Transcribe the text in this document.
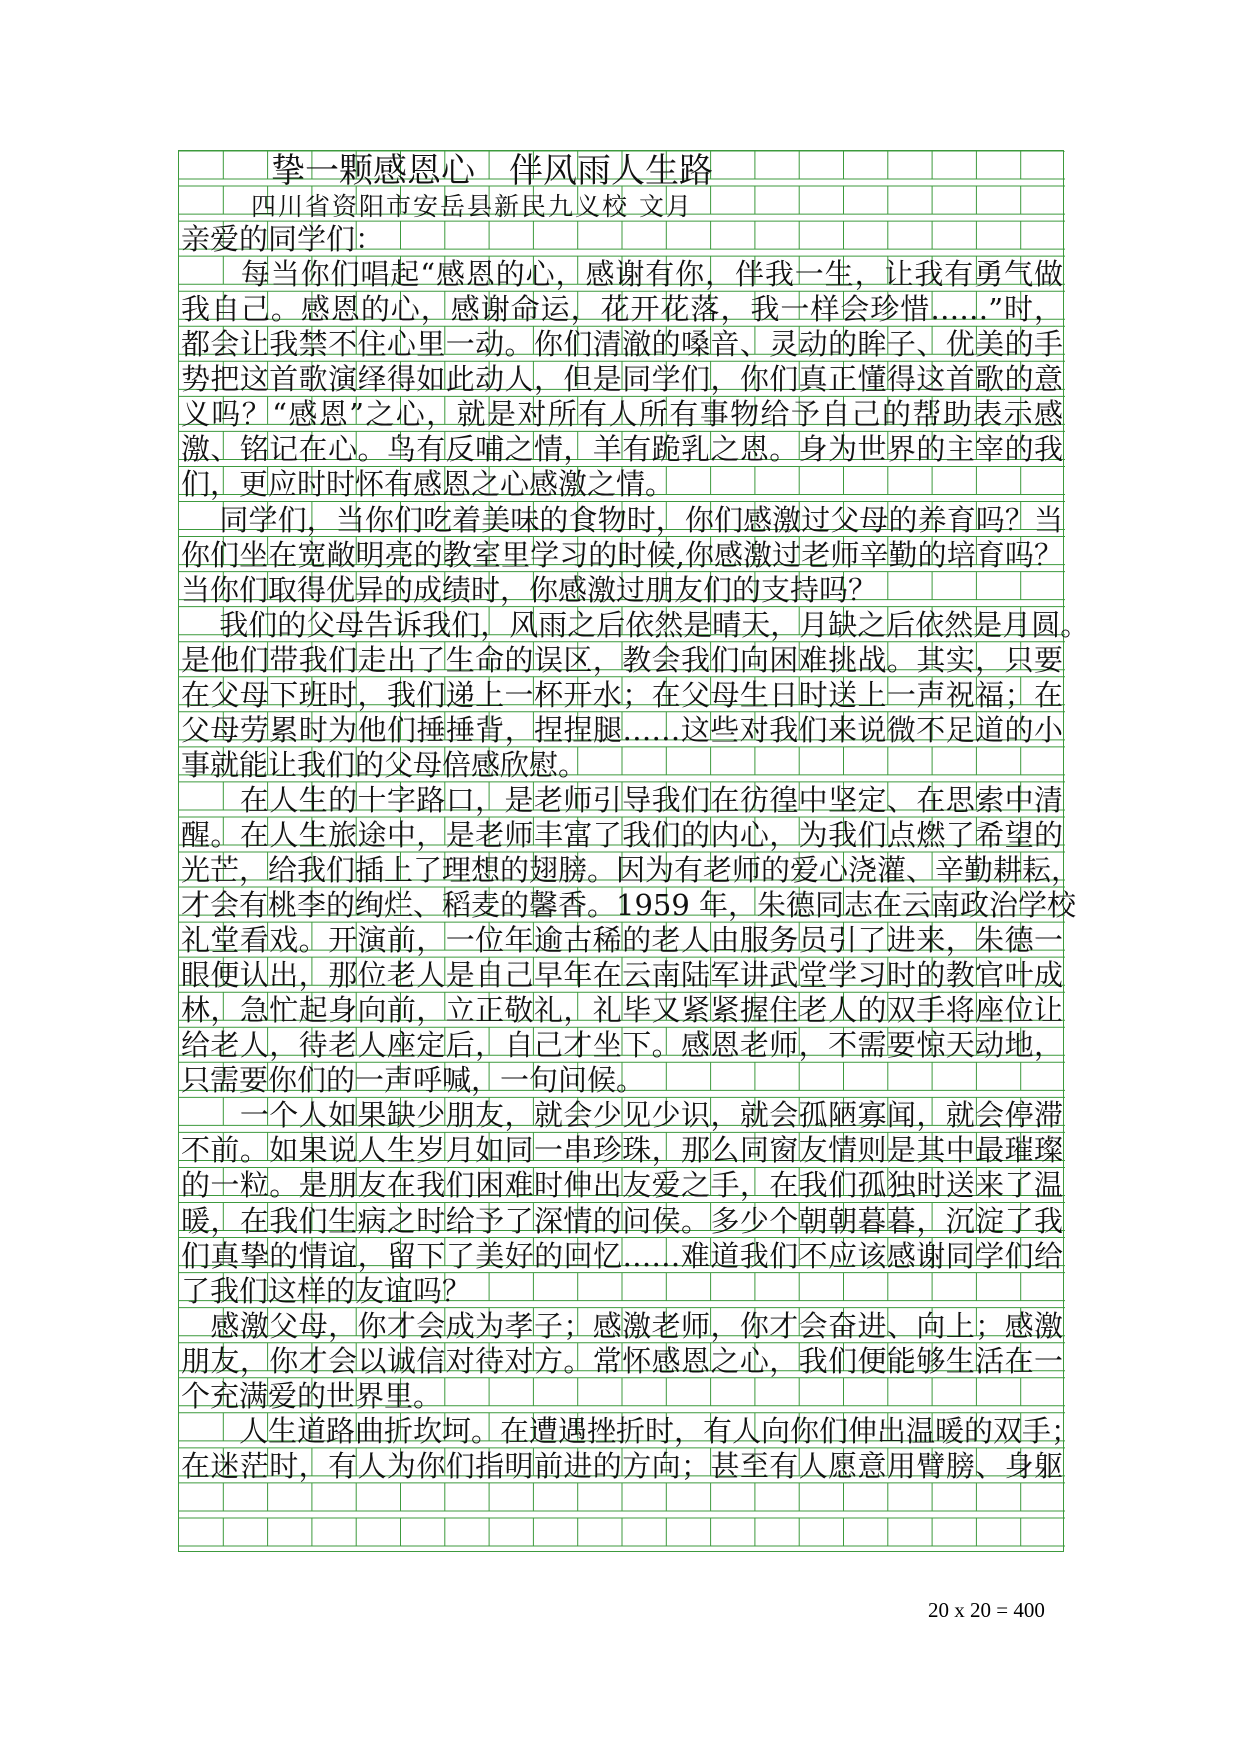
挚一颗感恩心　伴风雨人生路
四川省资阳市安岳县新民九义校 文月
亲爱的同学们：
　　每当你们唱起“感恩的心，感谢有你，伴我一生，让我有勇气做
我自己。感恩的心，感谢命运，花开花落，我一样会珍惜……”时，
都会让我禁不住心里一动。你们清澈的嗓音、灵动的眸子、优美的手
势把这首歌演绎得如此动人，但是同学们，你们真正懂得这首歌的意
义吗？“感恩”之心，就是对所有人所有事物给予自己的帮助表示感
激、铭记在心。鸟有反哺之情，羊有跪乳之恩。身为世界的主宰的我
们，更应时时怀有感恩之心感激之情。
　 同学们，当你们吃着美味的食物时，你们感激过父母的养育吗？当
你们坐在宽敞明亮的教室里学习的时候,你感激过老师辛勤的培育吗？
当你们取得优异的成绩时，你感激过朋友们的支持吗？
　 我们的父母告诉我们，风雨之后依然是晴天，月缺之后依然是月圆。
是他们带我们走出了生命的误区，教会我们向困难挑战。其实，只要
在父母下班时，我们递上一杯开水；在父母生日时送上一声祝福；在
父母劳累时为他们捶捶背，捏捏腿……这些对我们来说微不足道的小
事就能让我们的父母倍感欣慰。
　　在人生的十字路口，是老师引导我们在彷徨中坚定、在思索中清
醒。在人生旅途中，是老师丰富了我们的内心，为我们点燃了希望的
光芒，给我们插上了理想的翅膀。因为有老师的爱心浇灌、辛勤耕耘，
才会有桃李的绚烂、稻麦的馨香。1959 年，朱德同志在云南政治学校
礼堂看戏。开演前，一位年逾古稀的老人由服务员引了进来，朱德一
眼便认出，那位老人是自己早年在云南陆军讲武堂学习时的教官叶成
林，急忙起身向前，立正敬礼，礼毕又紧紧握住老人的双手将座位让
给老人，待老人座定后，自己才坐下。感恩老师，不需要惊天动地，
只需要你们的一声呼喊，一句问候。
　　一个人如果缺少朋友，就会少见少识，就会孤陋寡闻，就会停滞
不前。如果说人生岁月如同一串珍珠，那么同窗友情则是其中最璀璨
的一粒。是朋友在我们困难时伸出友爱之手，在我们孤独时送来了温
暖，在我们生病之时给予了深情的问侯。多少个朝朝暮暮，沉淀了我
们真挚的情谊，留下了美好的回忆……难道我们不应该感谢同学们给
了我们这样的友谊吗？
　感激父母，你才会成为孝子；感激老师，你才会奋进、向上；感激
朋友，你才会以诚信对待对方。常怀感恩之心，我们便能够生活在一
个充满爱的世界里。
　　人生道路曲折坎坷。在遭遇挫折时，有人向你们伸出温暖的双手；
在迷茫时，有人为你们指明前进的方向；甚至有人愿意用臂膀、身躯
20 x 20 = 400
